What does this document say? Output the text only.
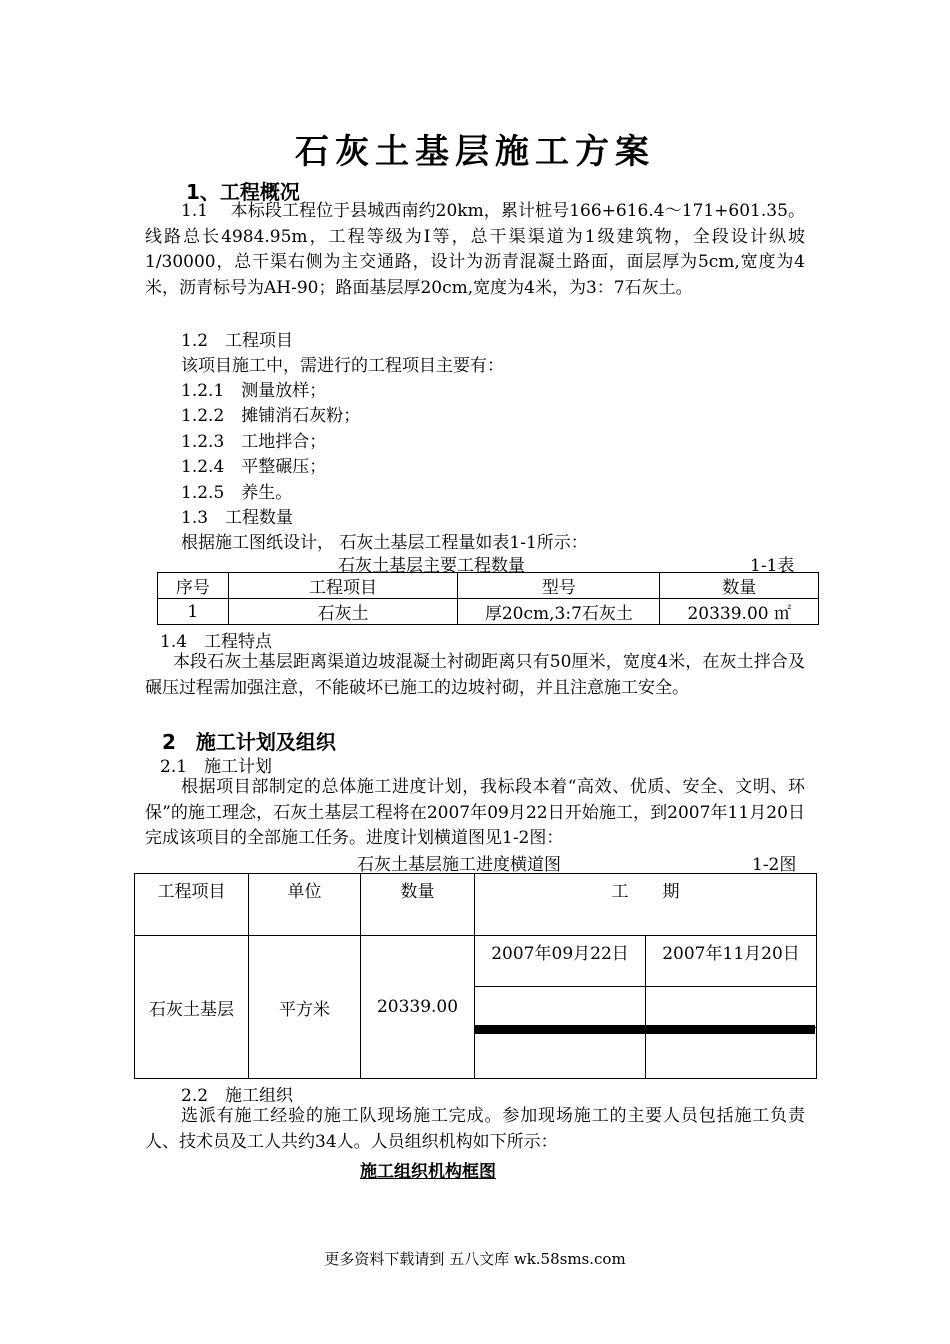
石灰土基层施工方案
1、工程概况
1.1　 本标段工程位于县城西南约20km，累计桩号166+616.4～171+601.35。线路总长4984.95m，工程等级为Ⅰ等，总干渠渠道为1级建筑物，全段设计纵坡1/30000，总干渠右侧为主交通路，设计为沥青混凝土路面，面层厚为5cm,宽度为4米，沥青标号为AH-90；路面基层厚20cm,宽度为4米，为3：7石灰土。
1.2　工程项目
该项目施工中，需进行的工程项目主要有：
1.2.1　测量放样；
1.2.2　摊铺消石灰粉；
1.2.3　工地拌合；
1.2.4　平整碾压；
1.2.5　养生。
1.3　工程数量
根据施工图纸设计， 石灰土基层工程量如表1-1所示：
石灰土基层主要工程数量	1-1表
序号	工程项目	型号	数量
1	石灰土	厚20cm,3:7石灰土	20339.00 ㎡
1.4　工程特点
本段石灰土基层距离渠道边坡混凝土衬砌距离只有50厘米，宽度4米，在灰土拌合及碾压过程需加强注意，不能破坏已施工的边坡衬砌，并且注意施工安全。
2　施工计划及组织
2.1　施工计划
根据项目部制定的总体施工进度计划，我标段本着“高效、优质、安全、文明、环保”的施工理念，石灰土基层工程将在2007年09月22日开始施工，到2007年11月20日完成该项目的全部施工任务。进度计划横道图见1-2图：
石灰土基层施工进度横道图	1-2图
工程项目	单位	数量	工　　期	
石灰土基层	平方米	20339.00	2007年09月22日	2007年11月20日

2.2　施工组织
选派有施工经验的施工队现场施工完成。参加现场施工的主要人员包括施工负责人、技术员及工人共约34人。人员组织机构如下所示：
施工组织机构框图
更多资料下载请到 五八文库 wk.58sms.com
